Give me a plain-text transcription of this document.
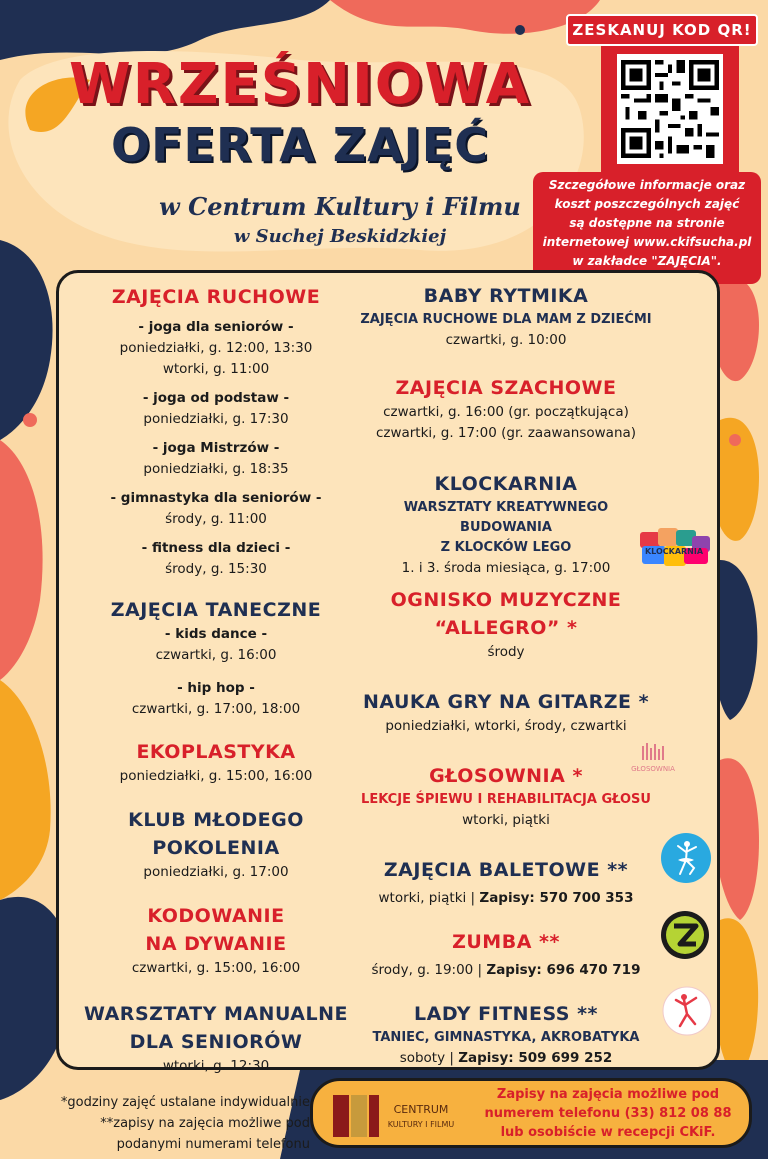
WRZEŚNIOWA
OFERTA ZAJĘĆ
w Centrum Kultury i Filmu
w Suchej Beskidzkiej
ZESKANUJ KOD QR!
Szczegółowe informacje oraz
koszt poszczególnych zajęć
są dostępne na stronie
internetowej www.ckifsucha.pl
w zakładce "ZAJĘCIA".
ZAJĘCIA RUCHOWE
- joga dla seniorów -
poniedziałki, g. 12:00, 13:30
wtorki, g. 11:00
- joga od podstaw -
poniedziałki, g. 17:30
- joga Mistrzów -
poniedziałki, g. 18:35
- gimnastyka dla seniorów -
środy, g. 11:00
- fitness dla dzieci -
środy, g. 15:30
ZAJĘCIA TANECZNE
- kids dance -
czwartki, g. 16:00
- hip hop -
czwartki, g. 17:00, 18:00
EKOPLASTYKA
poniedziałki, g. 15:00, 16:00
KLUB MŁODEGO
POKOLENIA
poniedziałki, g. 17:00
KODOWANIE
NA DYWANIE
czwartki, g. 15:00, 16:00
WARSZTATY MANUALNE
DLA SENIORÓW
wtorki, g. 12:30
BABY RYTMIKA
ZAJĘCIA RUCHOWE DLA MAM Z DZIEĆMI
czwartki, g. 10:00
ZAJĘCIA SZACHOWE
czwartki, g. 16:00 (gr. początkująca)
czwartki, g. 17:00 (gr. zaawansowana)
KLOCKARNIA
WARSZTATY KREATYWNEGO BUDOWANIA
Z KLOCKÓW LEGO
1. i 3. środa miesiąca, g. 17:00
KLOCKARNIA
OGNISKO MUZYCZNE
“ALLEGRO” *
środy
NAUKA GRY NA GITARZE *
poniedziałki, wtorki, środy, czwartki
GŁOSOWNIA
GŁOSOWNIA *
LEKCJE ŚPIEWU I REHABILITACJA GŁOSU
wtorki, piątki
ZAJĘCIA BALETOWE **
wtorki, piątki | Zapisy: 570 700 353
ZUMBA **
środy, g. 19:00 | Zapisy: 696 470 719
LADY FITNESS **
TANIEC, GIMNASTYKA, AKROBATYKA
soboty | Zapisy: 509 699 252
*godziny zajęć ustalane indywidualnie
**zapisy na zajęcia możliwe pod
podanymi numerami telefonu
CENTRUM
KULTURY I FILMU
Zapisy na zajęcia możliwe pod
numerem telefonu (33) 812 08 88
lub osobiście w recepcji CKiF.
